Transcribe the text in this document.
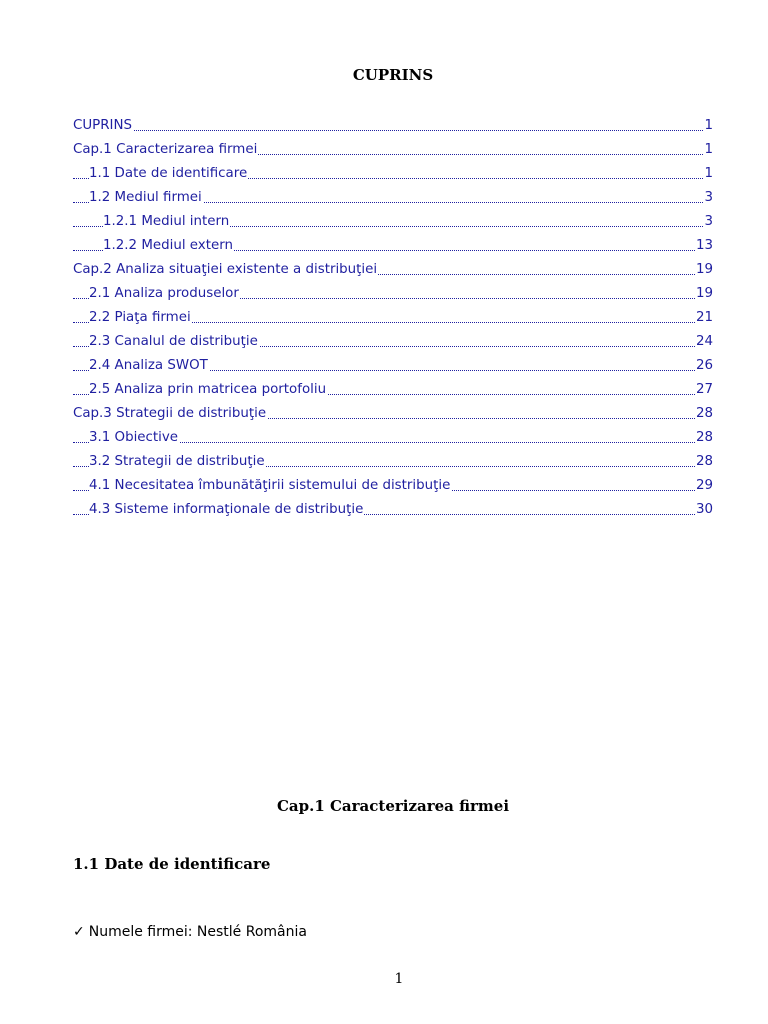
CUPRINS
CUPRINS	1
Cap.1 Caracterizarea firmei	1
1.1 Date de identificare	1
1.2 Mediul firmei	3
1.2.1 Mediul intern	3
1.2.2 Mediul extern	13
Cap.2 Analiza situaţiei existente a distribuţiei	19
2.1 Analiza produselor	19
2.2 Piaţa firmei	21
2.3 Canalul de distribuţie	24
2.4 Analiza SWOT	26
2.5 Analiza prin matricea portofoliu	27
Cap.3 Strategii de distribuţie	28
3.1 Obiective	28
3.2 Strategii de distribuţie	28
4.1 Necesitatea îmbunătăţirii sistemului de distribuţie	29
4.3 Sisteme informaţionale de distribuţie	30
Cap.1 Caracterizarea firmei
1.1 Date de identificare
✓ Numele firmei: Nestlé România
1
